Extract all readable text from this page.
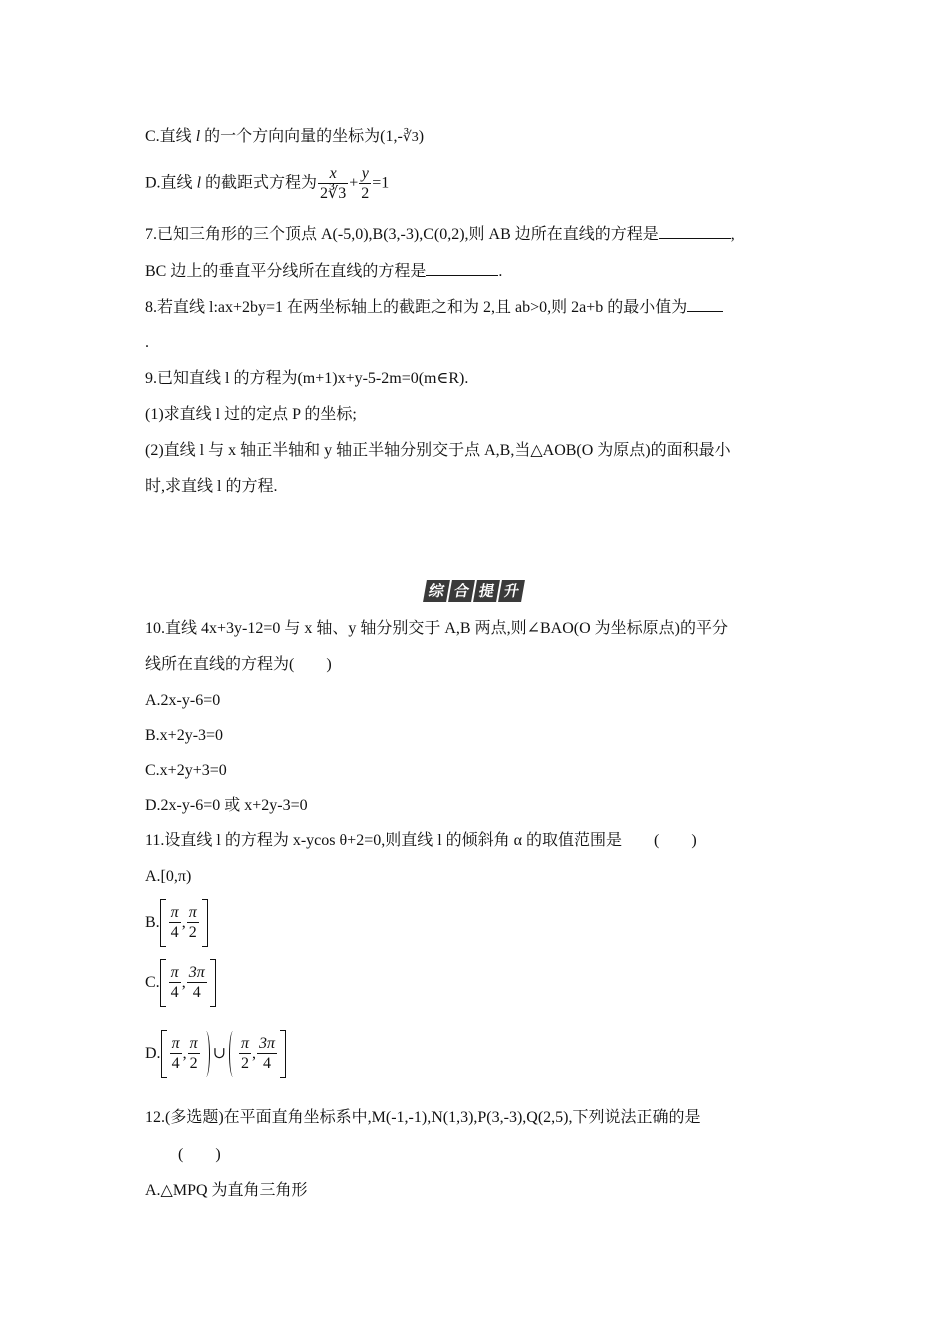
C.直线 l 的一个方向向量的坐标为(1,-∛3)
D.直线 l 的截距式方程为 $\frac{x}{2∛3} + \frac{y}{2} =1$
7.已知三角形的三个顶点 A(-5,0),B(3,-3),C(0,2),则 AB 边所在直线的方程是	,
BC 边上的垂直平分线所在直线的方程是	.
8.若直线 l:ax+2by=1 在两坐标轴上的截距之和为 2,且 ab>0,则 2a+b 的最小值为
.
9.已知直线 l 的方程为(m+1)x+y-5-2m=0(m∈R).
(1)求直线 l 过的定点 P 的坐标;
(2)直线 l 与 x 轴正半轴和 y 轴正半轴分别交于点 A,B,当△AOB(O 为原点)的面积最小
时,求直线 l 的方程.
综 合 提 升
10.直线 4x+3y-12=0 与 x 轴、y 轴分别交于 A,B 两点,则∠BAO(O 为坐标原点)的平分
线所在直线的方程为(　　)
A.2x-y-6=0
B.x+2y-3=0
C.x+2y+3=0
D.2x-y-6=0 或 x+2y-3=0
11.设直线 l 的方程为 x-ycos θ+2=0,则直线 l 的倾斜角 α 的取值范围是　　(　　)
A.[0,π)
B. $\frac{\pi}{4}$ , $\frac{\pi}{2}$
C. $\frac{\pi}{4}$ , $\frac{3\pi}{4}$
D. $\frac{\pi}{4}$ , $\frac{\pi}{2}$ ∪ $\frac{\pi}{2}$ , $\frac{3\pi}{4}$
12.(多选题)在平面直角坐标系中,M(-1,-1),N(1,3),P(3,-3),Q(2,5),下列说法正确的是
(　　)
A.△MPQ 为直角三角形
